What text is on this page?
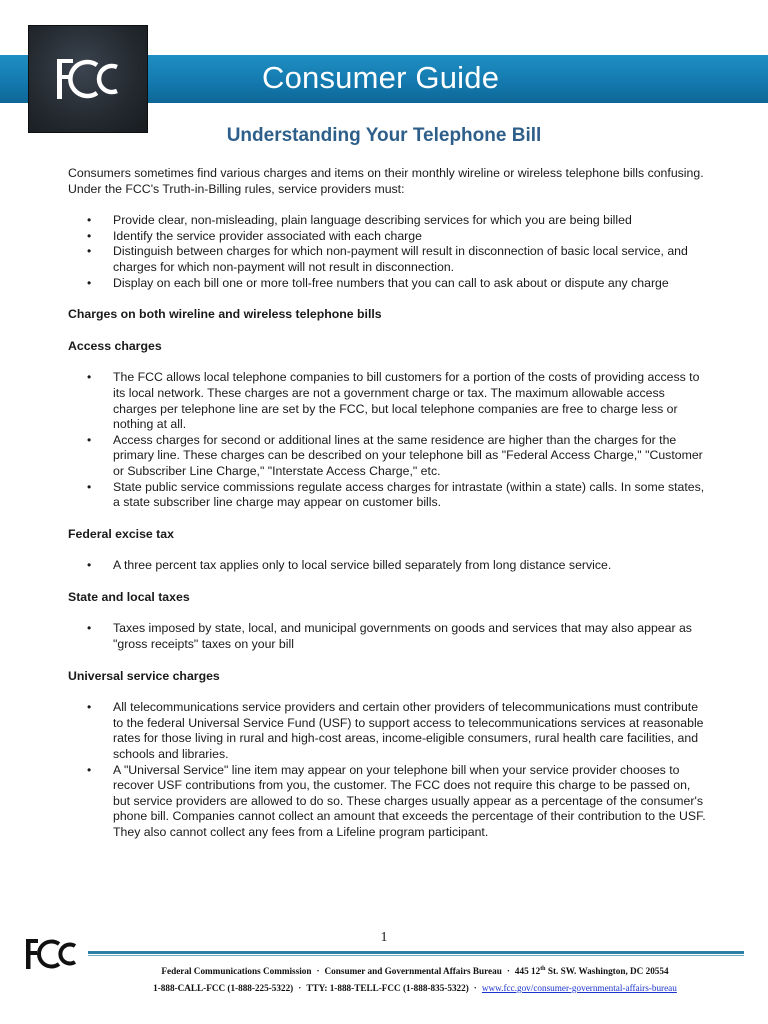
Consumer Guide
Understanding Your Telephone Bill

Consumers sometimes find various charges and items on their monthly wireline or wireless telephone bills confusing. Under the FCC's Truth-in-Billing rules, service providers must:

• Provide clear, non-misleading, plain language describing services for which you are being billed
• Identify the service provider associated with each charge
• Distinguish between charges for which non-payment will result in disconnection of basic local service, and charges for which non-payment will not result in disconnection.
• Display on each bill one or more toll-free numbers that you can call to ask about or dispute any charge

Charges on both wireline and wireless telephone bills

Access charges

• The FCC allows local telephone companies to bill customers for a portion of the costs of providing access to its local network. These charges are not a government charge or tax. The maximum allowable access charges per telephone line are set by the FCC, but local telephone companies are free to charge less or nothing at all.
• Access charges for second or additional lines at the same residence are higher than the charges for the primary line. These charges can be described on your telephone bill as "Federal Access Charge," "Customer or Subscriber Line Charge," "Interstate Access Charge," etc.
• State public service commissions regulate access charges for intrastate (within a state) calls. In some states, a state subscriber line charge may appear on customer bills.

Federal excise tax

• A three percent tax applies only to local service billed separately from long distance service.

State and local taxes

• Taxes imposed by state, local, and municipal governments on goods and services that may also appear as "gross receipts" taxes on your bill

Universal service charges

• All telecommunications service providers and certain other providers of telecommunications must contribute to the federal Universal Service Fund (USF) to support access to telecommunications services at reasonable rates for those living in rural and high-cost areas, income-eligible consumers, rural health care facilities, and schools and libraries.
• A "Universal Service" line item may appear on your telephone bill when your service provider chooses to recover USF contributions from you, the customer. The FCC does not require this charge to be passed on, but service providers are allowed to do so. These charges usually appear as a percentage of the consumer's phone bill. Companies cannot collect an amount that exceeds the percentage of their contribution to the USF. They also cannot collect any fees from a Lifeline program participant.
1
Federal Communications Commission · Consumer and Governmental Affairs Bureau · 445 12th St. SW. Washington, DC 20554
1-888-CALL-FCC (1-888-225-5322) · TTY: 1-888-TELL-FCC (1-888-835-5322) · www.fcc.gov/consumer-governmental-affairs-bureau
